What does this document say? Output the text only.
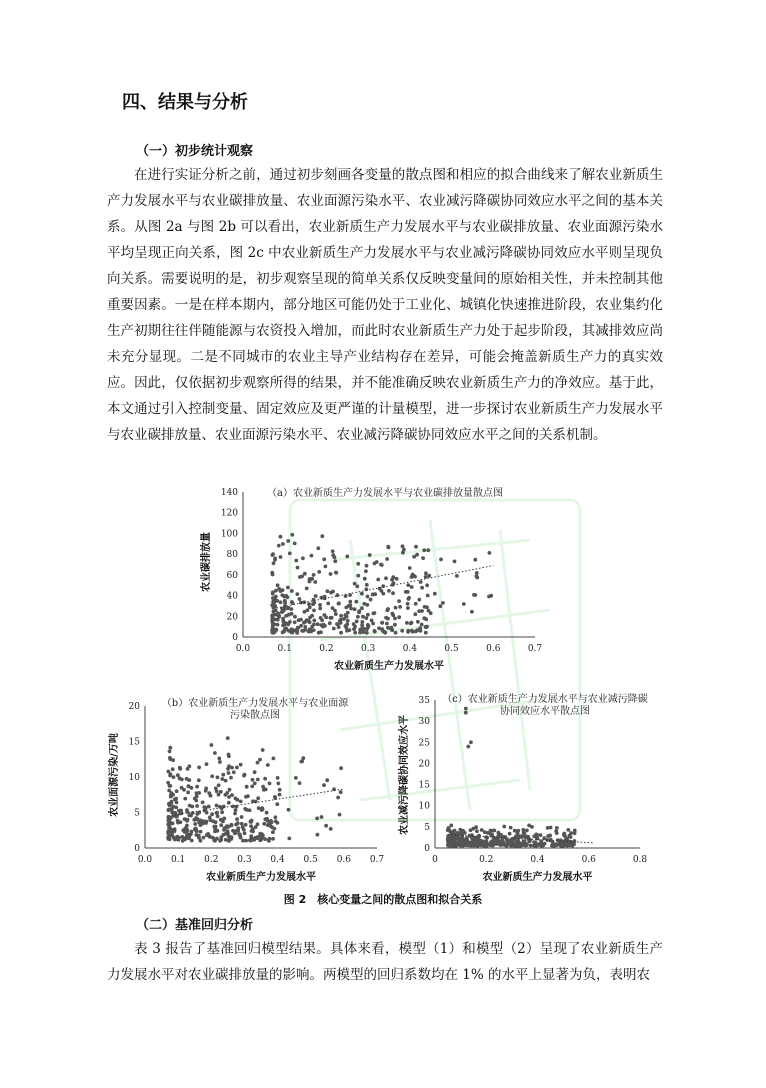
四、结果与分析
（一）初步统计观察

在进行实证分析之前，通过初步刻画各变量的散点图和相应的拟合曲线来了解农业新质生产力发展水平与农业碳排放量、农业面源污染水平、农业减污降碳协同效应水平之间的基本关系。从图 2a 与图 2b 可以看出，农业新质生产力发展水平与农业碳排放量、农业面源污染水平均呈现正向关系，图 2c 中农业新质生产力发展水平与农业减污降碳协同效应水平则呈现负向关系。需要说明的是，初步观察呈现的简单关系仅反映变量间的原始相关性，并未控制其他重要因素。一是在样本期内，部分地区可能仍处于工业化、城镇化快速推进阶段，农业集约化生产初期往往伴随能源与农资投入增加，而此时农业新质生产力处于起步阶段，其减排效应尚未充分显现。二是不同城市的农业主导产业结构存在差异，可能会掩盖新质生产力的真实效应。因此，仅依据初步观察所得的结果，并不能准确反映农业新质生产力的净效应。基于此，本文通过引入控制变量、固定效应及更严谨的计量模型，进一步探讨农业新质生产力发展水平与农业碳排放量、农业面源污染水平、农业减污降碳协同效应水平之间的关系机制。

0.0	0.1	0.2	0.3	0.4	0.5	0.6	0.7
0
20
40
60
80
100
120
140	（a）农业新质生产力发展水平与农业碳排放量散点图
农业新质生产力发展水平
农业碳排放量
0.0 0.1 0.2 0.3 0.4 0.5 0.6 0.7
0
5
10
15
20 （b）农业新质生产力发展水平与农业面源污染散点图
农业新质生产力发展水平
农业面源污染/万吨
0	0.2	0.4	0.6	0.8
0
5
10
15
20
25
30
35 （c）农业新质生产力发展水平与农业减污降碳协同效应水平散点图
农业新质生产力发展水平
农业减污降碳协同效应水平
图 2　核心变量之间的散点图和拟合关系
（二）基准回归分析

表 3 报告了基准回归模型结果。具体来看，模型（1）和模型（2）呈现了农业新质生产力发展水平对农业碳排放量的影响。两模型的回归系数均在 1% 的水平上显著为负，表明农
